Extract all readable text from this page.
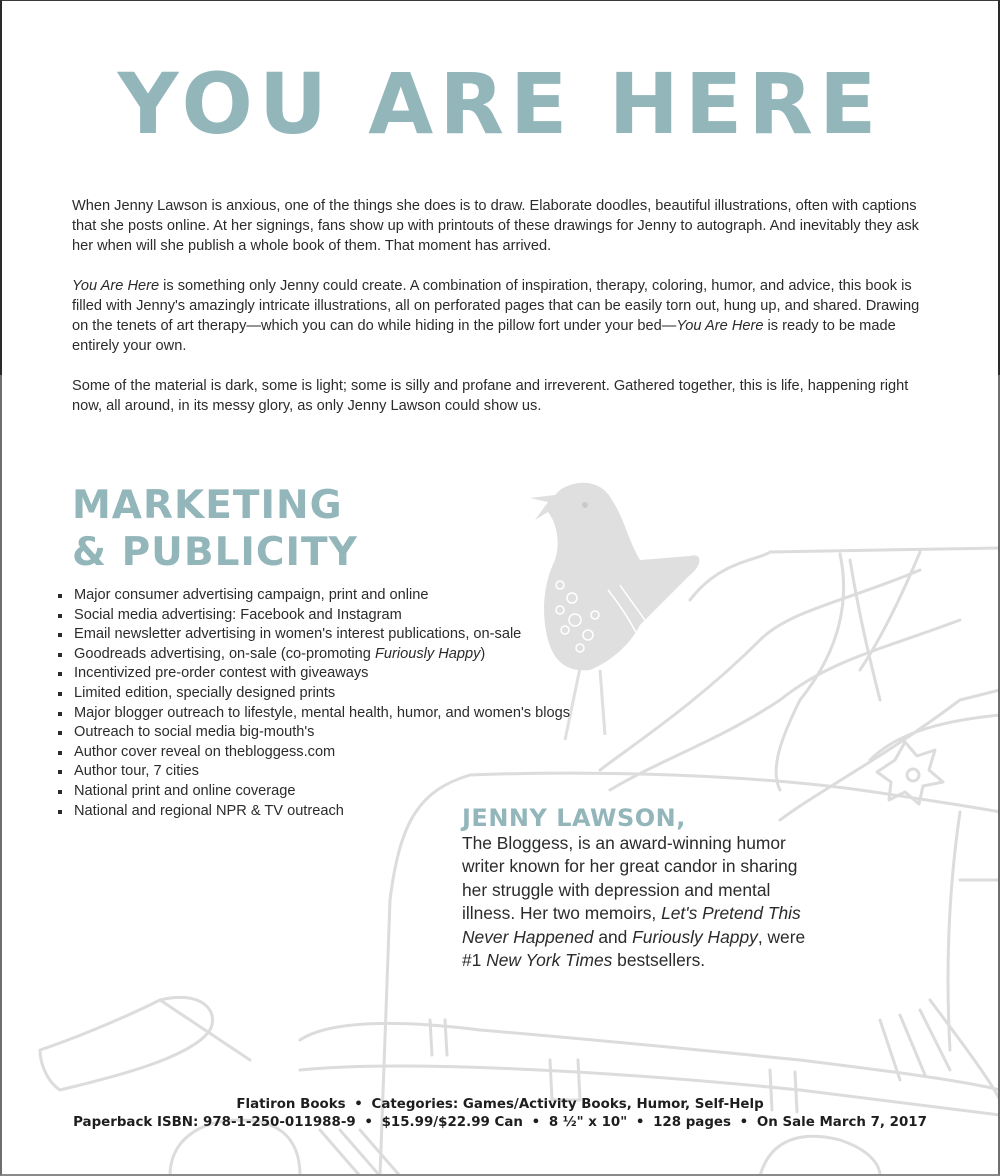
YOU ARE HERE

When Jenny Lawson is anxious, one of the things she does is to draw. Elaborate doodles, beautiful illustrations, often with captions that she posts online. At her signings, fans show up with printouts of these drawings for Jenny to autograph. And inevitably they ask her when will she publish a whole book of them. That moment has arrived.

You Are Here is something only Jenny could create. A combination of inspiration, therapy, coloring, humor, and advice, this book is filled with Jenny's amazingly intricate illustrations, all on perforated pages that can be easily torn out, hung up, and shared. Drawing on the tenets of art therapy—which you can do while hiding in the pillow fort under your bed—You Are Here is ready to be made entirely your own.

Some of the material is dark, some is light; some is silly and profane and irreverent. Gathered together, this is life, happening right now, all around, in its messy glory, as only Jenny Lawson could show us.

MARKETING
& PUBLICITY
Major consumer advertising campaign, print and online
Social media advertising: Facebook and Instagram
Email newsletter advertising in women's interest publications, on-sale
Goodreads advertising, on-sale (co-promoting Furiously Happy)
Incentivized pre-order contest with giveaways
Limited edition, specially designed prints
Major blogger outreach to lifestyle, mental health, humor, and women's blogs
Outreach to social media big-mouth's
Author cover reveal on thebloggess.com
Author tour, 7 cities
National print and online coverage
National and regional NPR & TV outreach	JENNY LAWSON,

The Bloggess, is an award-winning humor writer known for her great candor in sharing her struggle with depression and mental illness. Her two memoirs, Let's Pretend This Never Happened and Furiously Happy, were #1 New York Times bestsellers.

Flatiron Books • Categories: Games/Activity Books, Humor, Self-Help
Paperback ISBN: 978-1-250-011988-9 • $15.99/$22.99 Can • 8 ½" x 10" • 128 pages • On Sale March 7, 2017
